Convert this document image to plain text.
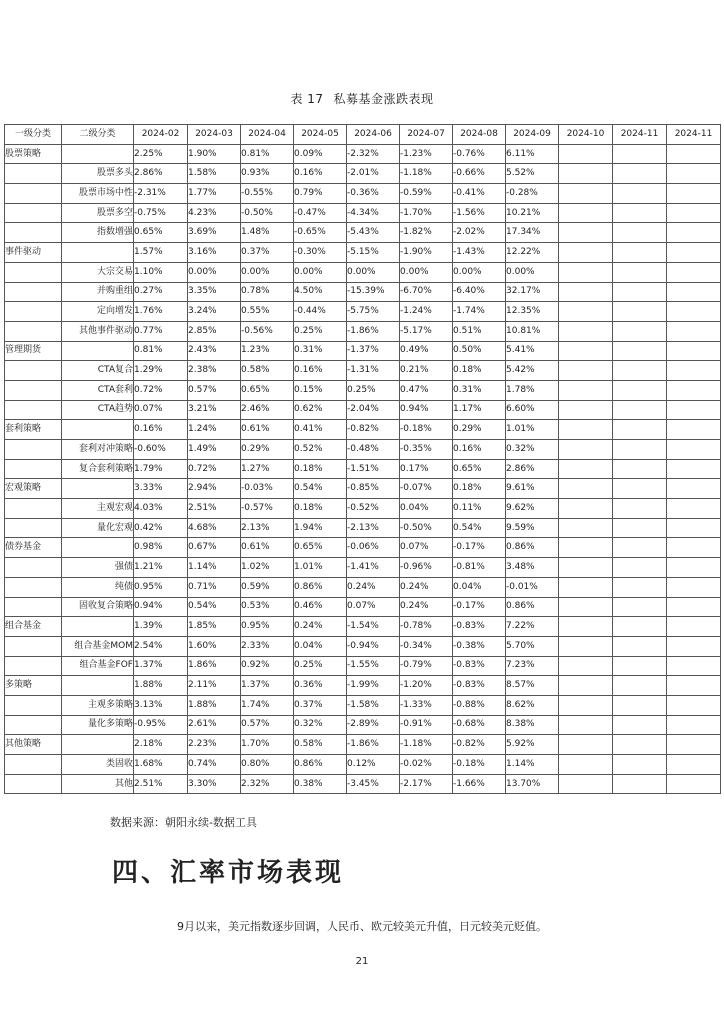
表 17 私募基金涨跌表现
一级分类	二级分类	2024-02	2024-03	2024-04	2024-05	2024-06	2024-07	2024-08	2024-09	2024-10	2024-11	2024-11
股票策略		2.25%	1.90%	0.81%	0.09%	-2.32%	-1.23%	-0.76%	6.11%			
	股票多头	2.86%	1.58%	0.93%	0.16%	-2.01%	-1.18%	-0.66%	5.52%			
	股票市场中性	-2.31%	1.77%	-0.55%	0.79%	-0.36%	-0.59%	-0.41%	-0.28%			
	股票多空	-0.75%	4.23%	-0.50%	-0.47%	-4.34%	-1.70%	-1.56%	10.21%			
	指数增强	0.65%	3.69%	1.48%	-0.65%	-5.43%	-1.82%	-2.02%	17.34%			
事件驱动		1.57%	3.16%	0.37%	-0.30%	-5.15%	-1.90%	-1.43%	12.22%			
	大宗交易	1.10%	0.00%	0.00%	0.00%	0.00%	0.00%	0.00%	0.00%			
	并购重组	0.27%	3.35%	0.78%	4.50%	-15.39%	-6.70%	-6.40%	32.17%			
	定向增发	1.76%	3.24%	0.55%	-0.44%	-5.75%	-1.24%	-1.74%	12.35%			
	其他事件驱动	0.77%	2.85%	-0.56%	0.25%	-1.86%	-5.17%	0.51%	10.81%			
管理期货		0.81%	2.43%	1.23%	0.31%	-1.37%	0.49%	0.50%	5.41%			
	CTA复合	1.29%	2.38%	0.58%	0.16%	-1.31%	0.21%	0.18%	5.42%			
	CTA套利	0.72%	0.57%	0.65%	0.15%	0.25%	0.47%	0.31%	1.78%			
	CTA趋势	0.07%	3.21%	2.46%	0.62%	-2.04%	0.94%	1.17%	6.60%			
套利策略		0.16%	1.24%	0.61%	0.41%	-0.82%	-0.18%	0.29%	1.01%			
	套利对冲策略	-0.60%	1.49%	0.29%	0.52%	-0.48%	-0.35%	0.16%	0.32%			
	复合套利策略	1.79%	0.72%	1.27%	0.18%	-1.51%	0.17%	0.65%	2.86%			
宏观策略		3.33%	2.94%	-0.03%	0.54%	-0.85%	-0.07%	0.18%	9.61%			
	主观宏观	4.03%	2.51%	-0.57%	0.18%	-0.52%	0.04%	0.11%	9.62%			
	量化宏观	0.42%	4.68%	2.13%	1.94%	-2.13%	-0.50%	0.54%	9.59%			
债券基金		0.98%	0.67%	0.61%	0.65%	-0.06%	0.07%	-0.17%	0.86%			
	强债	1.21%	1.14%	1.02%	1.01%	-1.41%	-0.96%	-0.81%	3.48%			
	纯债	0.95%	0.71%	0.59%	0.86%	0.24%	0.24%	0.04%	-0.01%			
	固收复合策略	0.94%	0.54%	0.53%	0.46%	0.07%	0.24%	-0.17%	0.86%			
组合基金		1.39%	1.85%	0.95%	0.24%	-1.54%	-0.78%	-0.83%	7.22%			
	组合基金MOM	2.54%	1.60%	2.33%	0.04%	-0.94%	-0.34%	-0.38%	5.70%			
	组合基金FOF	1.37%	1.86%	0.92%	0.25%	-1.55%	-0.79%	-0.83%	7.23%			
多策略		1.88%	2.11%	1.37%	0.36%	-1.99%	-1.20%	-0.83%	8.57%			
	主观多策略	3.13%	1.88%	1.74%	0.37%	-1.58%	-1.33%	-0.88%	8.62%			
	量化多策略	-0.95%	2.61%	0.57%	0.32%	-2.89%	-0.91%	-0.68%	8.38%			
其他策略		2.18%	2.23%	1.70%	0.58%	-1.86%	-1.18%	-0.82%	5.92%			
	类固收	1.68%	0.74%	0.80%	0.86%	0.12%	-0.02%	-0.18%	1.14%			
	其他	2.51%	3.30%	2.32%	0.38%	-3.45%	-2.17%	-1.66%	13.70%			
数据来源：朝阳永续-数据工具
四、汇率市场表现
9月以来，美元指数逐步回调，人民币、欧元较美元升值，日元较美元贬值。
21
